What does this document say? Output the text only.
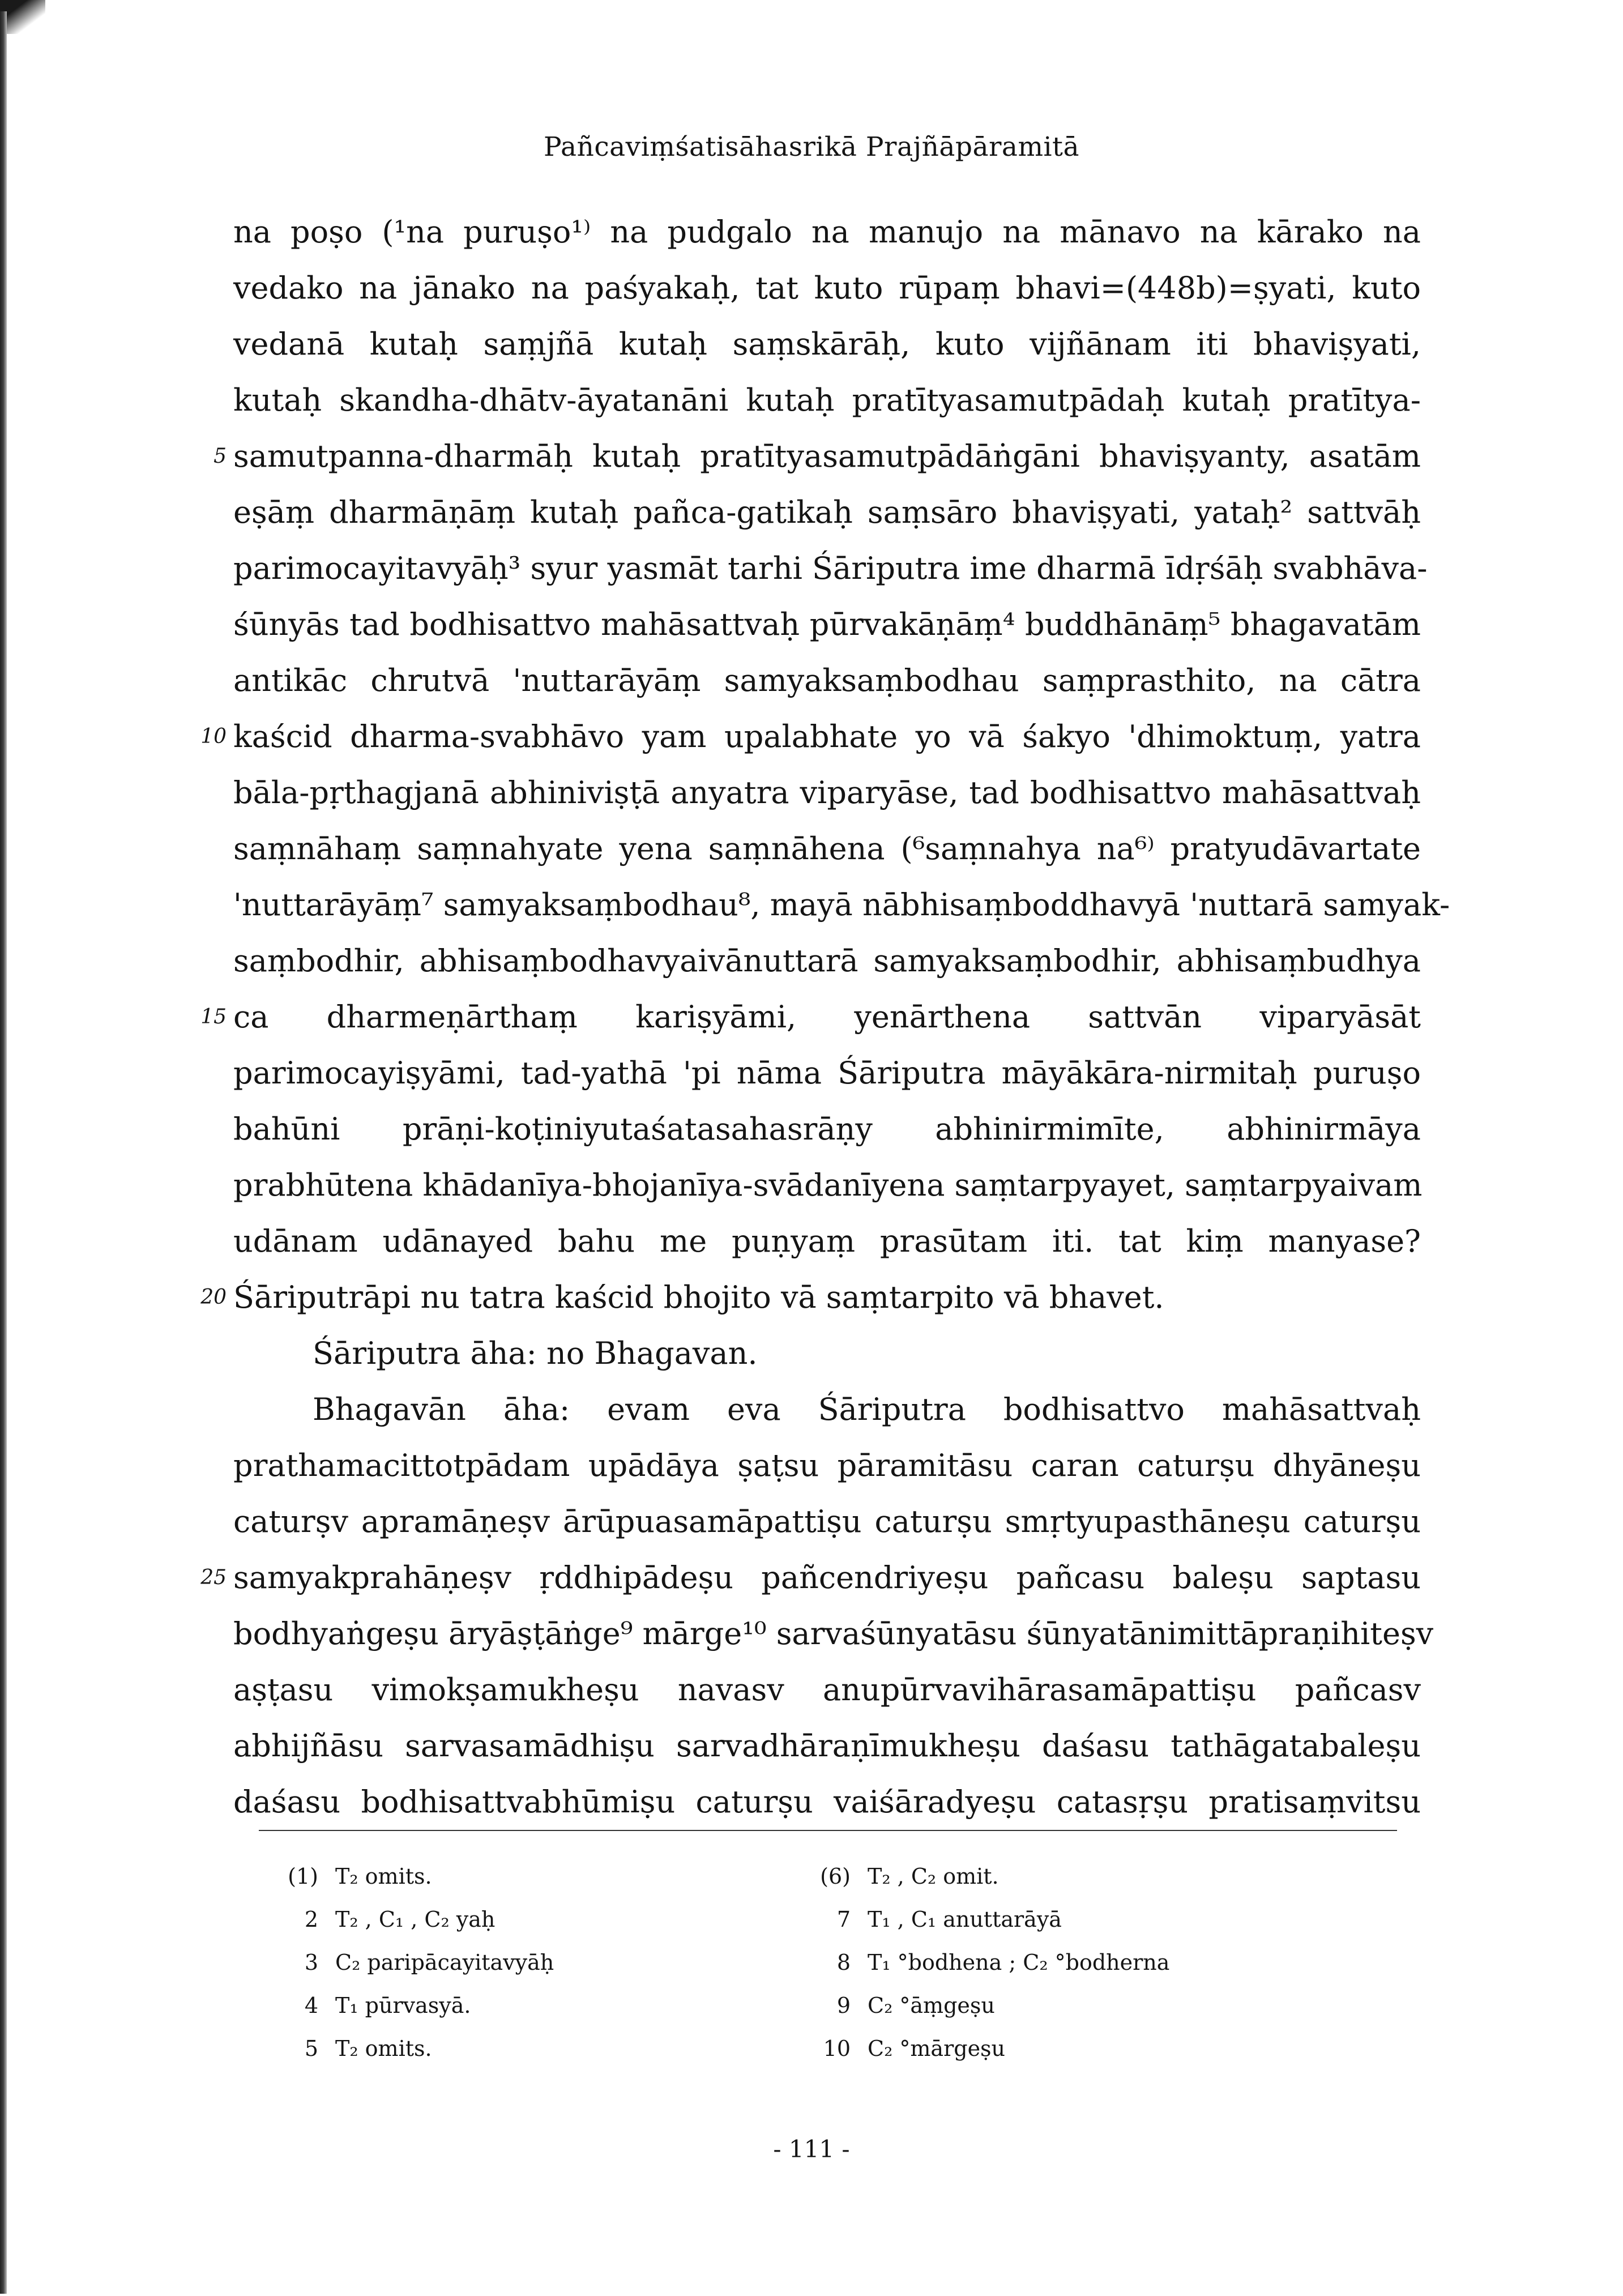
Pañcaviṃśatisāhasrikā Prajñāpāramitā
na poṣo (¹na puruṣo¹⁾ na pudgalo na manujo na mānavo na kārako na
vedako na jānako na paśyakaḥ, tat kuto rūpaṃ bhavi=(448b)=ṣyati, kuto
vedanā kutaḥ saṃjñā kutaḥ saṃskārāḥ, kuto vijñānam iti bhaviṣyati,
kutaḥ skandha-dhātv-āyatanāni kutaḥ pratītyasamutpādaḥ kutaḥ pratītya-
5 samutpanna-dharmāḥ kutaḥ pratītyasamutpādāṅgāni bhaviṣyanty, asatām
eṣāṃ dharmāṇāṃ kutaḥ pañca-gatikaḥ saṃsāro bhaviṣyati, yataḥ² sattvāḥ
parimocayitavyāḥ³ syur yasmāt tarhi Śāriputra ime dharmā īdṛśāḥ svabhāva-
śūnyās tad bodhisattvo mahāsattvaḥ pūrvakāṇāṃ⁴ buddhānāṃ⁵ bhagavatām
antikāc chrutvā 'nuttarāyāṃ samyaksaṃbodhau saṃprasthito, na cātra
10 kaścid dharma-svabhāvo yam upalabhate yo vā śakyo 'dhimoktuṃ, yatra
bāla-pṛthagjanā abhiniviṣṭā anyatra viparyāse, tad bodhisattvo mahāsattvaḥ
saṃnāhaṃ saṃnahyate yena saṃnāhena (⁶saṃnahya na⁶⁾ pratyudāvartate
'nuttarāyāṃ⁷ samyaksaṃbodhau⁸, mayā nābhisaṃboddhavyā 'nuttarā samyak-
saṃbodhir, abhisaṃbodhavyaivānuttarā samyaksaṃbodhir, abhisaṃbudhya
15 ca dharmeṇārthaṃ kariṣyāmi, yenārthena sattvān viparyāsāt
parimocayiṣyāmi, tad-yathā 'pi nāma Śāriputra māyākāra-nirmitaḥ puruṣo
bahūni prāṇi-koṭiniyutaśatasahasrāṇy abhinirmimīte, abhinirmāya
prabhūtena khādanīya-bhojanīya-svādanīyena saṃtarpyayet, saṃtarpyaivam
udānam udānayed bahu me puṇyaṃ prasūtam iti. tat kiṃ manyase?
20 Śāriputrāpi nu tatra kaścid bhojito vā saṃtarpito vā bhavet.
Śāriputra āha: no Bhagavan.
Bhagavān āha: evam eva Śāriputra bodhisattvo mahāsattvaḥ
prathamacittotpādam upādāya ṣaṭsu pāramitāsu caran caturṣu dhyāneṣu
caturṣv apramāṇeṣv ārūpuasamāpattiṣu caturṣu smṛtyupasthāneṣu caturṣu
25 samyakprahāṇeṣv ṛddhipādeṣu pañcendriyeṣu pañcasu baleṣu saptasu
bodhyaṅgeṣu āryāṣṭāṅge⁹ mārge¹⁰ sarvaśūnyatāsu śūnyatānimittāpraṇihiteṣv
aṣṭasu vimokṣamukheṣu navasv anupūrvavihārasamāpattiṣu pañcasv
abhijñāsu sarvasamādhiṣu sarvadhāraṇīmukheṣu daśasu tathāgatabaleṣu
daśasu bodhisattvabhūmiṣu caturṣu vaiśāradyeṣu catasṛṣu pratisaṃvitsu
(1) T₂ omits.
2 T₂ , C₁ , C₂ yaḥ
3 C₂ paripācayitavyāḥ
4 T₁ pūrvasyā.
5 T₂ omits.
(6) T₂ , C₂ omit.
7 T₁ , C₁ anuttarāyā
8 T₁ °bodhena ; C₂ °bodherna
9 C₂ °āṃgeṣu
10 C₂ °mārgeṣu
- 111 -
